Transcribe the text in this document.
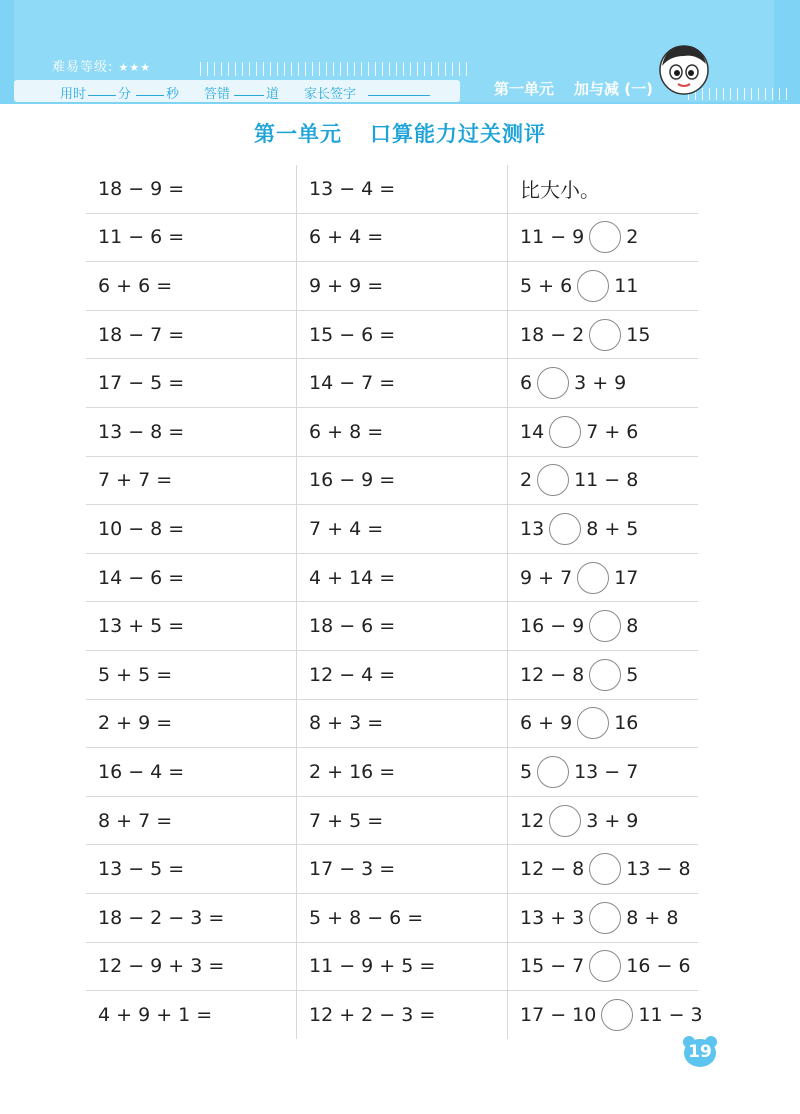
难易等级: ★★★
用时 分	秒 答错	道 家长签字	第一单元 加与减 (一)
第一单元 口算能力过关测评
18 − 9 =	13 − 4 =	比大小。
11 − 6 =	6 + 4 =	11 − 9 2
6 + 6 =	9 + 9 =	5 + 6 11
18 − 7 =	15 − 6 =	18 − 2 15
17 − 5 =	14 − 7 =	6 3 + 9
13 − 8 =	6 + 8 =	14 7 + 6
7 + 7 =	16 − 9 =	2 11 − 8
10 − 8 =	7 + 4 =	13 8 + 5
14 − 6 =	4 + 14 =	9 + 7 17
13 + 5 =	18 − 6 =	16 − 9 8
5 + 5 =	12 − 4 =	12 − 8 5
2 + 9 =	8 + 3 =	6 + 9 16
16 − 4 =	2 + 16 =	5 13 − 7
8 + 7 =	7 + 5 =	12 3 + 9
13 − 5 =	17 − 3 =	12 − 8 13 − 8
18 − 2 − 3 =	5 + 8 − 6 =	13 + 3 8 + 8
12 − 9 + 3 =	11 − 9 + 5 =	15 − 7 16 − 6
4 + 9 + 1 =	12 + 2 − 3 =	17 − 10 11 − 3
19
